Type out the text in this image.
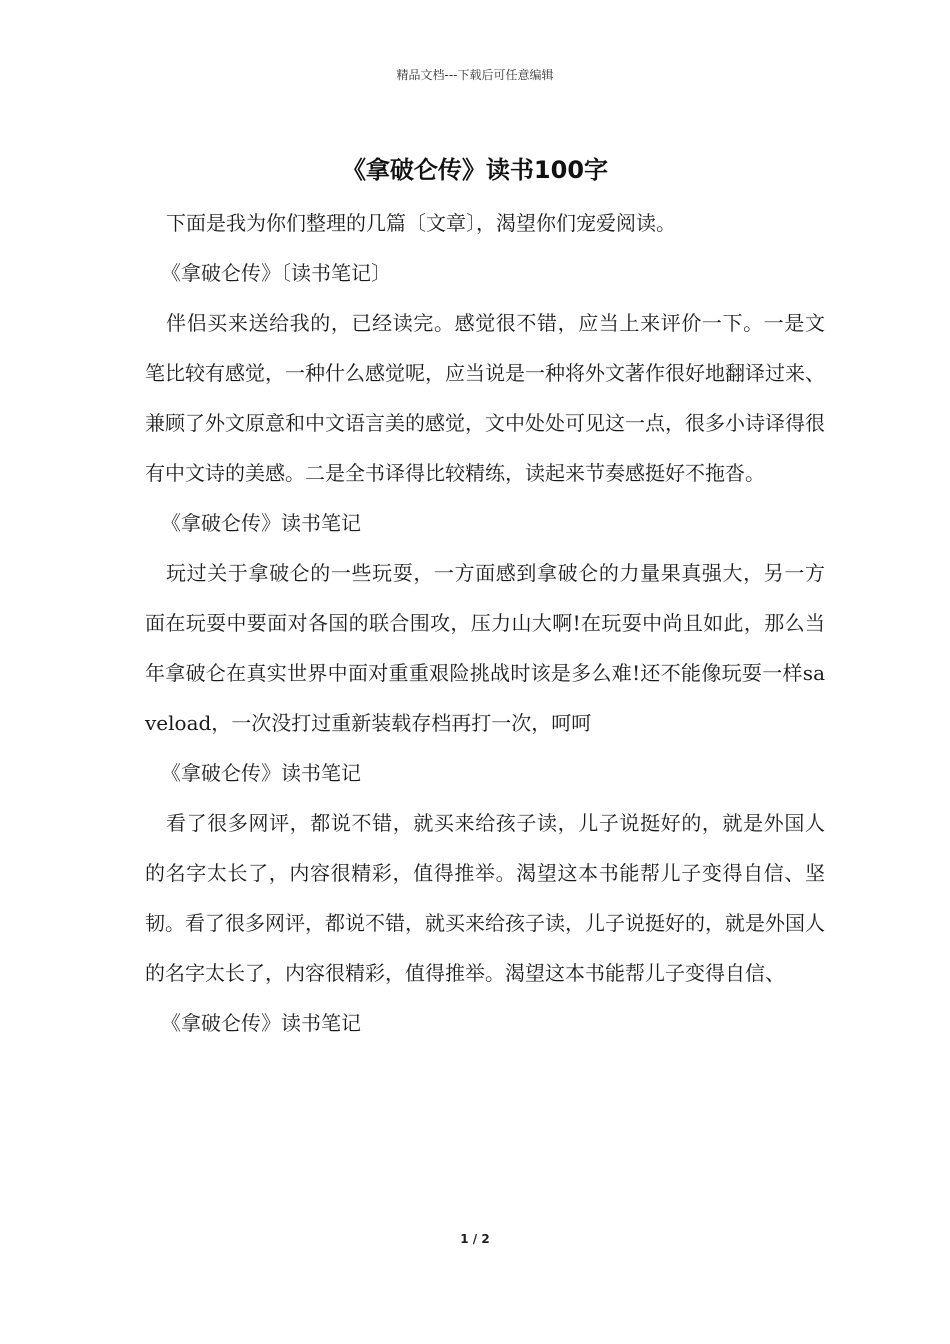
精品文档---下载后可任意编辑
《拿破仑传》读书100字

下面是我为你们整理的几篇〔文章〕，渴望你们宠爱阅读。

《拿破仑传》〔读书笔记〕

伴侣买来送给我的，已经读完。感觉很不错，应当上来评价一下。一是文笔比较有感觉，一种什么感觉呢，应当说是一种将外文著作很好地翻译过来、兼顾了外文原意和中文语言美的感觉，文中处处可见这一点，很多小诗译得很有中文诗的美感。二是全书译得比较精练，读起来节奏感挺好不拖沓。

《拿破仑传》读书笔记

玩过关于拿破仑的一些玩耍，一方面感到拿破仑的力量果真强大，另一方面在玩耍中要面对各国的联合围攻，压力山大啊!在玩耍中尚且如此，那么当年拿破仑在真实世界中面对重重艰险挑战时该是多么难!还不能像玩耍一样saveload，一次没打过重新装载存档再打一次，呵呵

《拿破仑传》读书笔记

看了很多网评，都说不错，就买来给孩子读，儿子说挺好的，就是外国人的名字太长了，内容很精彩，值得推举。渴望这本书能帮儿子变得自信、坚韧。看了很多网评，都说不错，就买来给孩子读，儿子说挺好的，就是外国人的名字太长了，内容很精彩，值得推举。渴望这本书能帮儿子变得自信、

《拿破仑传》读书笔记

1 / 2
